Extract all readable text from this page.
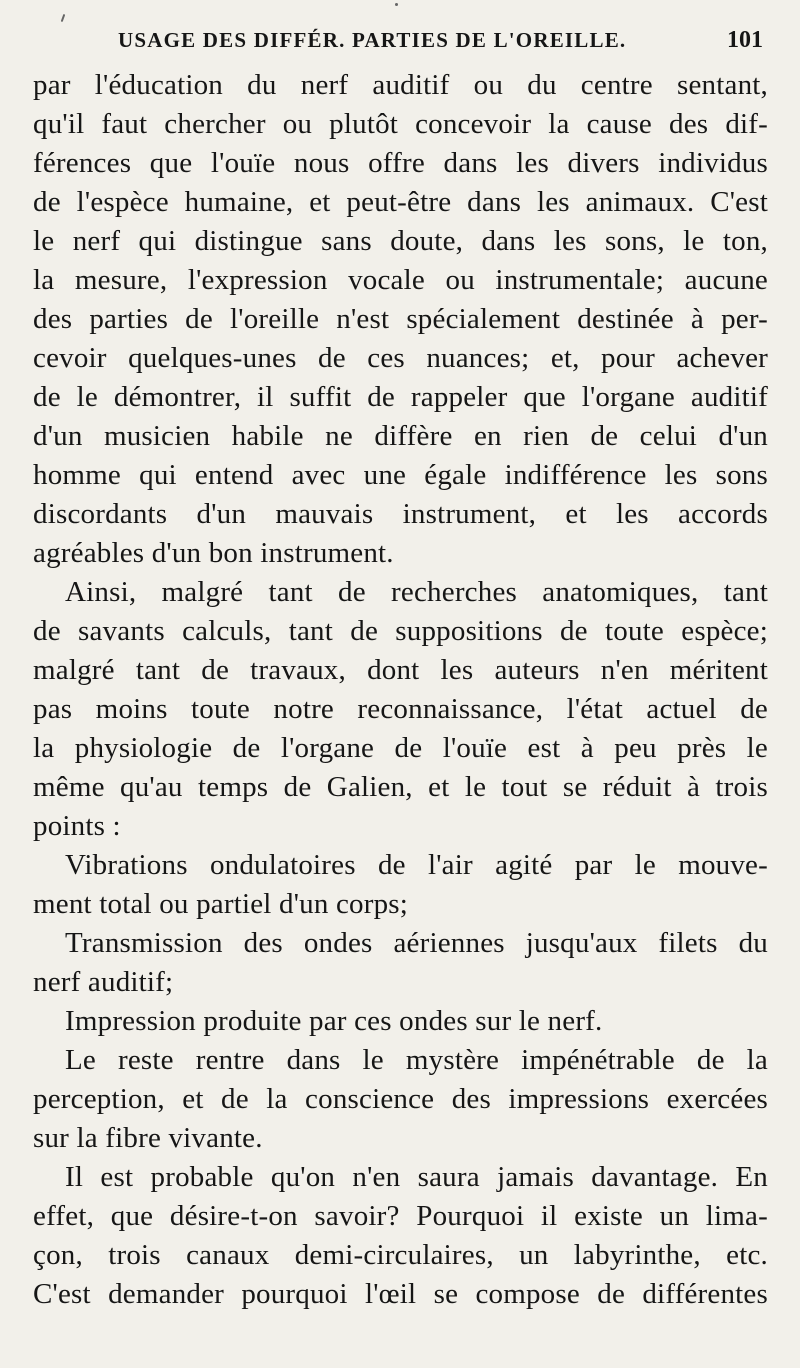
USAGE DES DIFFÉR. PARTIES DE L'OREILLE.	101
par l'éducation du nerf auditif ou du centre sentant,
qu'il faut chercher ou plutôt concevoir la cause des dif-
férences que l'ouïe nous offre dans les divers individus
de l'espèce humaine, et peut-être dans les animaux. C'est
le nerf qui distingue sans doute, dans les sons, le ton,
la mesure, l'expression vocale ou instrumentale; aucune
des parties de l'oreille n'est spécialement destinée à per-
cevoir quelques-unes de ces nuances; et, pour achever
de le démontrer, il suffit de rappeler que l'organe auditif
d'un musicien habile ne diffère en rien de celui d'un
homme qui entend avec une égale indifférence les sons
discordants d'un mauvais instrument, et les accords
agréables d'un bon instrument.
Ainsi, malgré tant de recherches anatomiques, tant
de savants calculs, tant de suppositions de toute espèce;
malgré tant de travaux, dont les auteurs n'en méritent
pas moins toute notre reconnaissance, l'état actuel de
la physiologie de l'organe de l'ouïe est à peu près le
même qu'au temps de Galien, et le tout se réduit à trois
points :
Vibrations ondulatoires de l'air agité par le mouve-
ment total ou partiel d'un corps;
Transmission des ondes aériennes jusqu'aux filets du
nerf auditif;
Impression produite par ces ondes sur le nerf.
Le reste rentre dans le mystère impénétrable de la
perception, et de la conscience des impressions exercées
sur la fibre vivante.
Il est probable qu'on n'en saura jamais davantage. En
effet, que désire-t-on savoir? Pourquoi il existe un lima-
çon, trois canaux demi-circulaires, un labyrinthe, etc.
C'est demander pourquoi l'œil se compose de différentes
